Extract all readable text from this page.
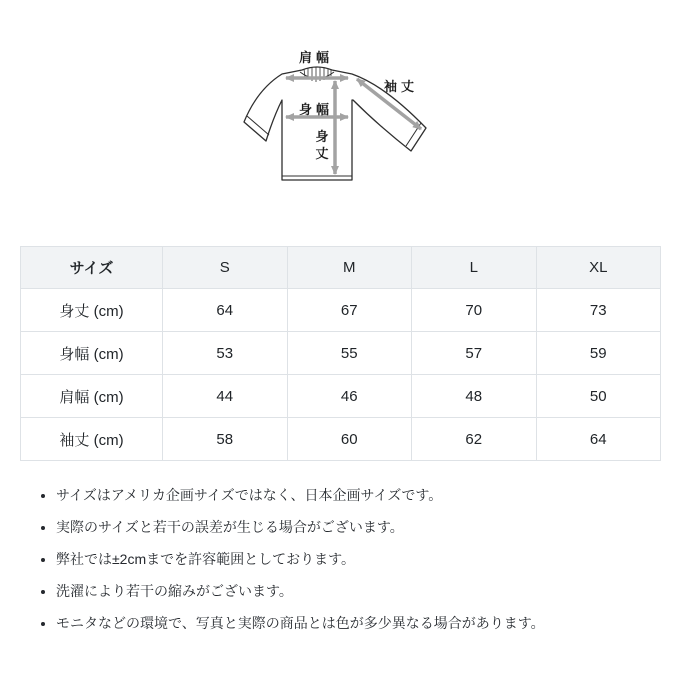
肩幅
袖丈
身幅
身
丈
サイズ	S	M	L	XL
身丈 (cm)	64	67	70	73
身幅 (cm)	53	55	57	59
肩幅 (cm)	44	46	48	50
袖丈 (cm)	58	60	62	64
• サイズはアメリカ企画サイズではなく、日本企画サイズです。
• 実際のサイズと若干の誤差が生じる場合がございます。
• 弊社では±2cmまでを許容範囲としております。
• 洗濯により若干の縮みがございます。
• モニタなどの環境で、写真と実際の商品とは色が多少異なる場合があります。
